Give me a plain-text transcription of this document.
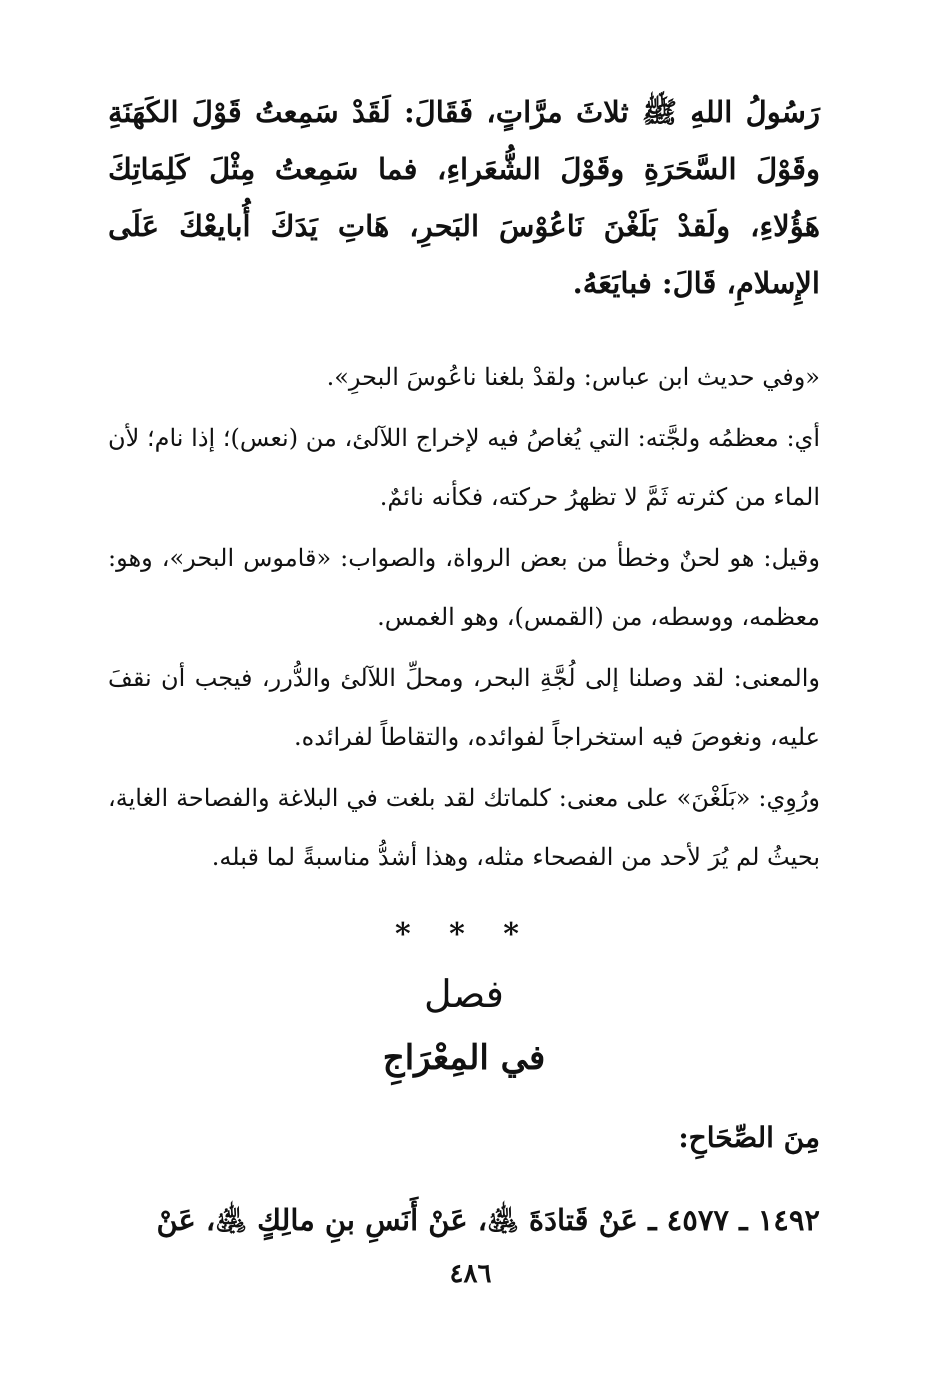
رَسُولُ اللهِ ﷺ ثلاثَ مرَّاتٍ، فَقَالَ: لَقَدْ سَمِعتُ قَوْلَ الكَهَنَةِ وقَوْلَ السَّحَرَةِ وقَوْلَ الشُّعَراءِ، فما سَمِعتُ مِثْلَ كَلِمَاتِكَ هَؤُلاءِ، ولَقدْ بَلَغْنَ نَاعُوْسَ البَحرِ، هَاتِ يَدَكَ أُبايعْكَ عَلَى الإِسلامِ، قَالَ: فبايَعَهُ.

«وفي حديث ابن عباس: ولقدْ بلغنا ناعُوسَ البحرِ».

أي: معظمُه ولجَّته: التي يُغاصُ فيه لإخراج اللآلئ، من (نعس)؛ إذا نام؛ لأن الماء من كثرته ثَمَّ لا تظهرُ حركته، فكأنه نائمٌ.

وقيل: هو لحنٌ وخطأ من بعض الرواة، والصواب: «قاموس البحر»، وهو: معظمه، ووسطه، من (القمس)، وهو الغمس.

والمعنى: لقد وصلنا إلى لُجَّةِ البحر، ومحلِّ اللآلئ والدُّرر، فيجب أن نقفَ عليه، ونغوصَ فيه استخراجاً لفوائده، والتقاطاً لفرائده.

ورُوِي: «بَلَغْنَ» على معنى: كلماتك لقد بلغت في البلاغة والفصاحة الغاية، بحيثُ لم يُرَ لأحد من الفصحاء مثله، وهذا أشدُّ مناسبةً لما قبله.

* * *
فصل
في المِعْرَاجِ
مِنَ الصِّحَاحِ:
١٤٩٢ ـ ٤٥٧٧ ـ عَنْ قَتادَةَ ﵁، عَنْ أَنَسِ بنِ مالِكٍ ﵁، عَنْ
٤٨٦
